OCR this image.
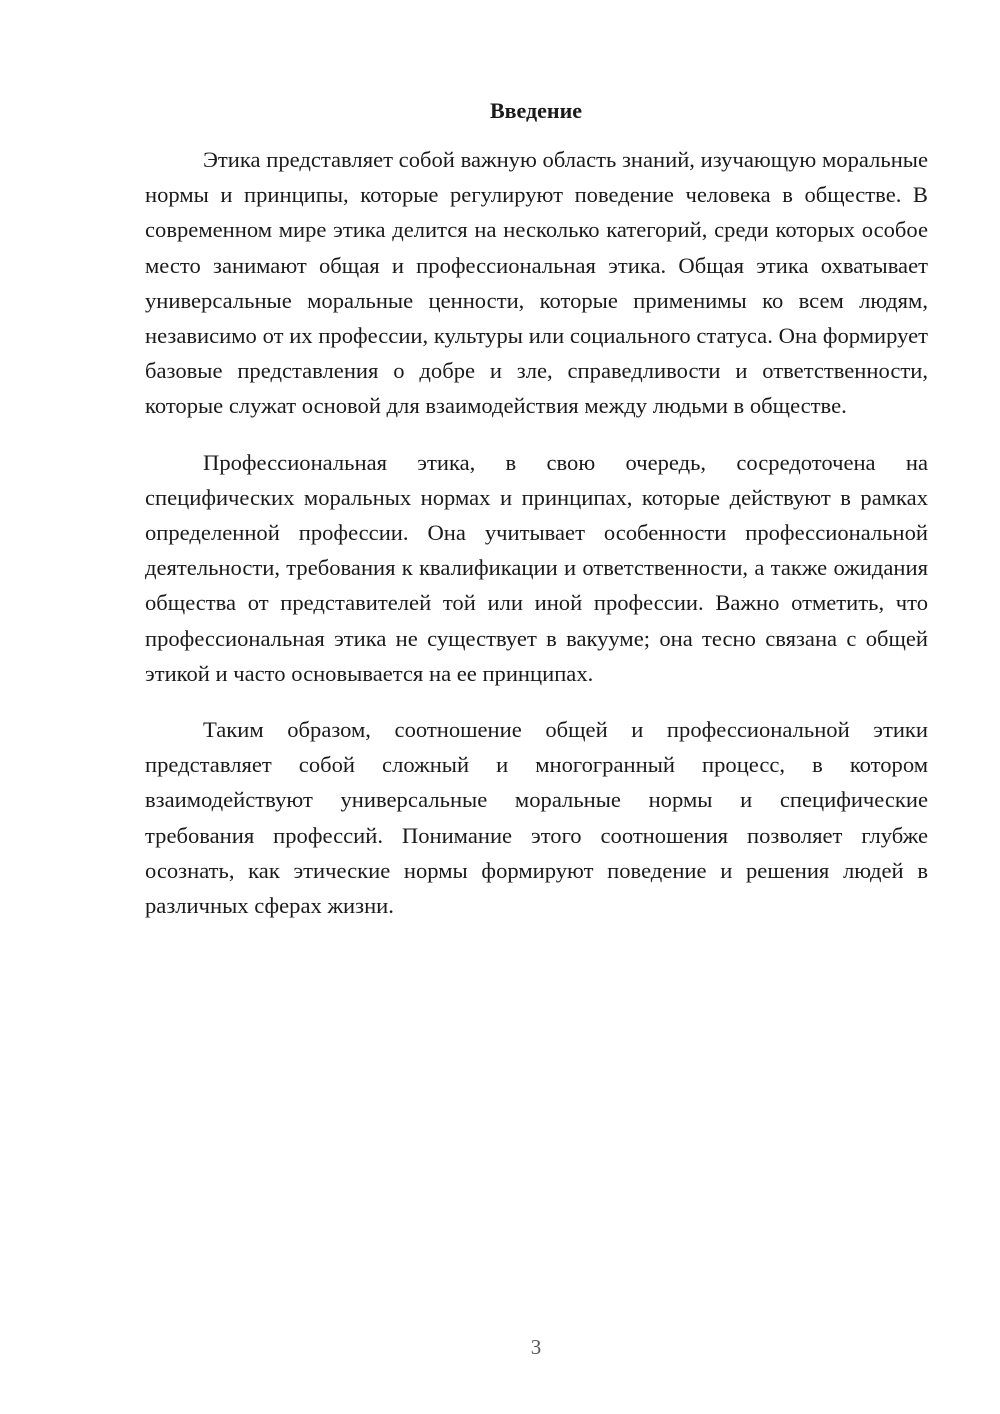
Введение

Этика представляет собой важную область знаний, изучающую моральные нормы и принципы, которые регулируют поведение человека в обществе. В современном мире этика делится на несколько категорий, среди которых особое место занимают общая и профессиональная этика. Общая этика охватывает универсальные моральные ценности, которые применимы ко всем людям, независимо от их профессии, культуры или социального статуса. Она формирует базовые представления о добре и зле, справедливости и ответственности, которые служат основой для взаимодействия между людьми в обществе.

Профессиональная этика, в свою очередь, сосредоточена на специфических моральных нормах и принципах, которые действуют в рамках определенной профессии. Она учитывает особенности профессиональной деятельности, требования к квалификации и ответственности, а также ожидания общества от представителей той или иной профессии. Важно отметить, что профессиональная этика не существует в вакууме; она тесно связана с общей этикой и часто основывается на ее принципах.

Таким образом, соотношение общей и профессиональной этики представляет собой сложный и многогранный процесс, в котором взаимодействуют универсальные моральные нормы и специфические требования профессий. Понимание этого соотношения позволяет глубже осознать, как этические нормы формируют поведение и решения людей в различных сферах жизни.

3
